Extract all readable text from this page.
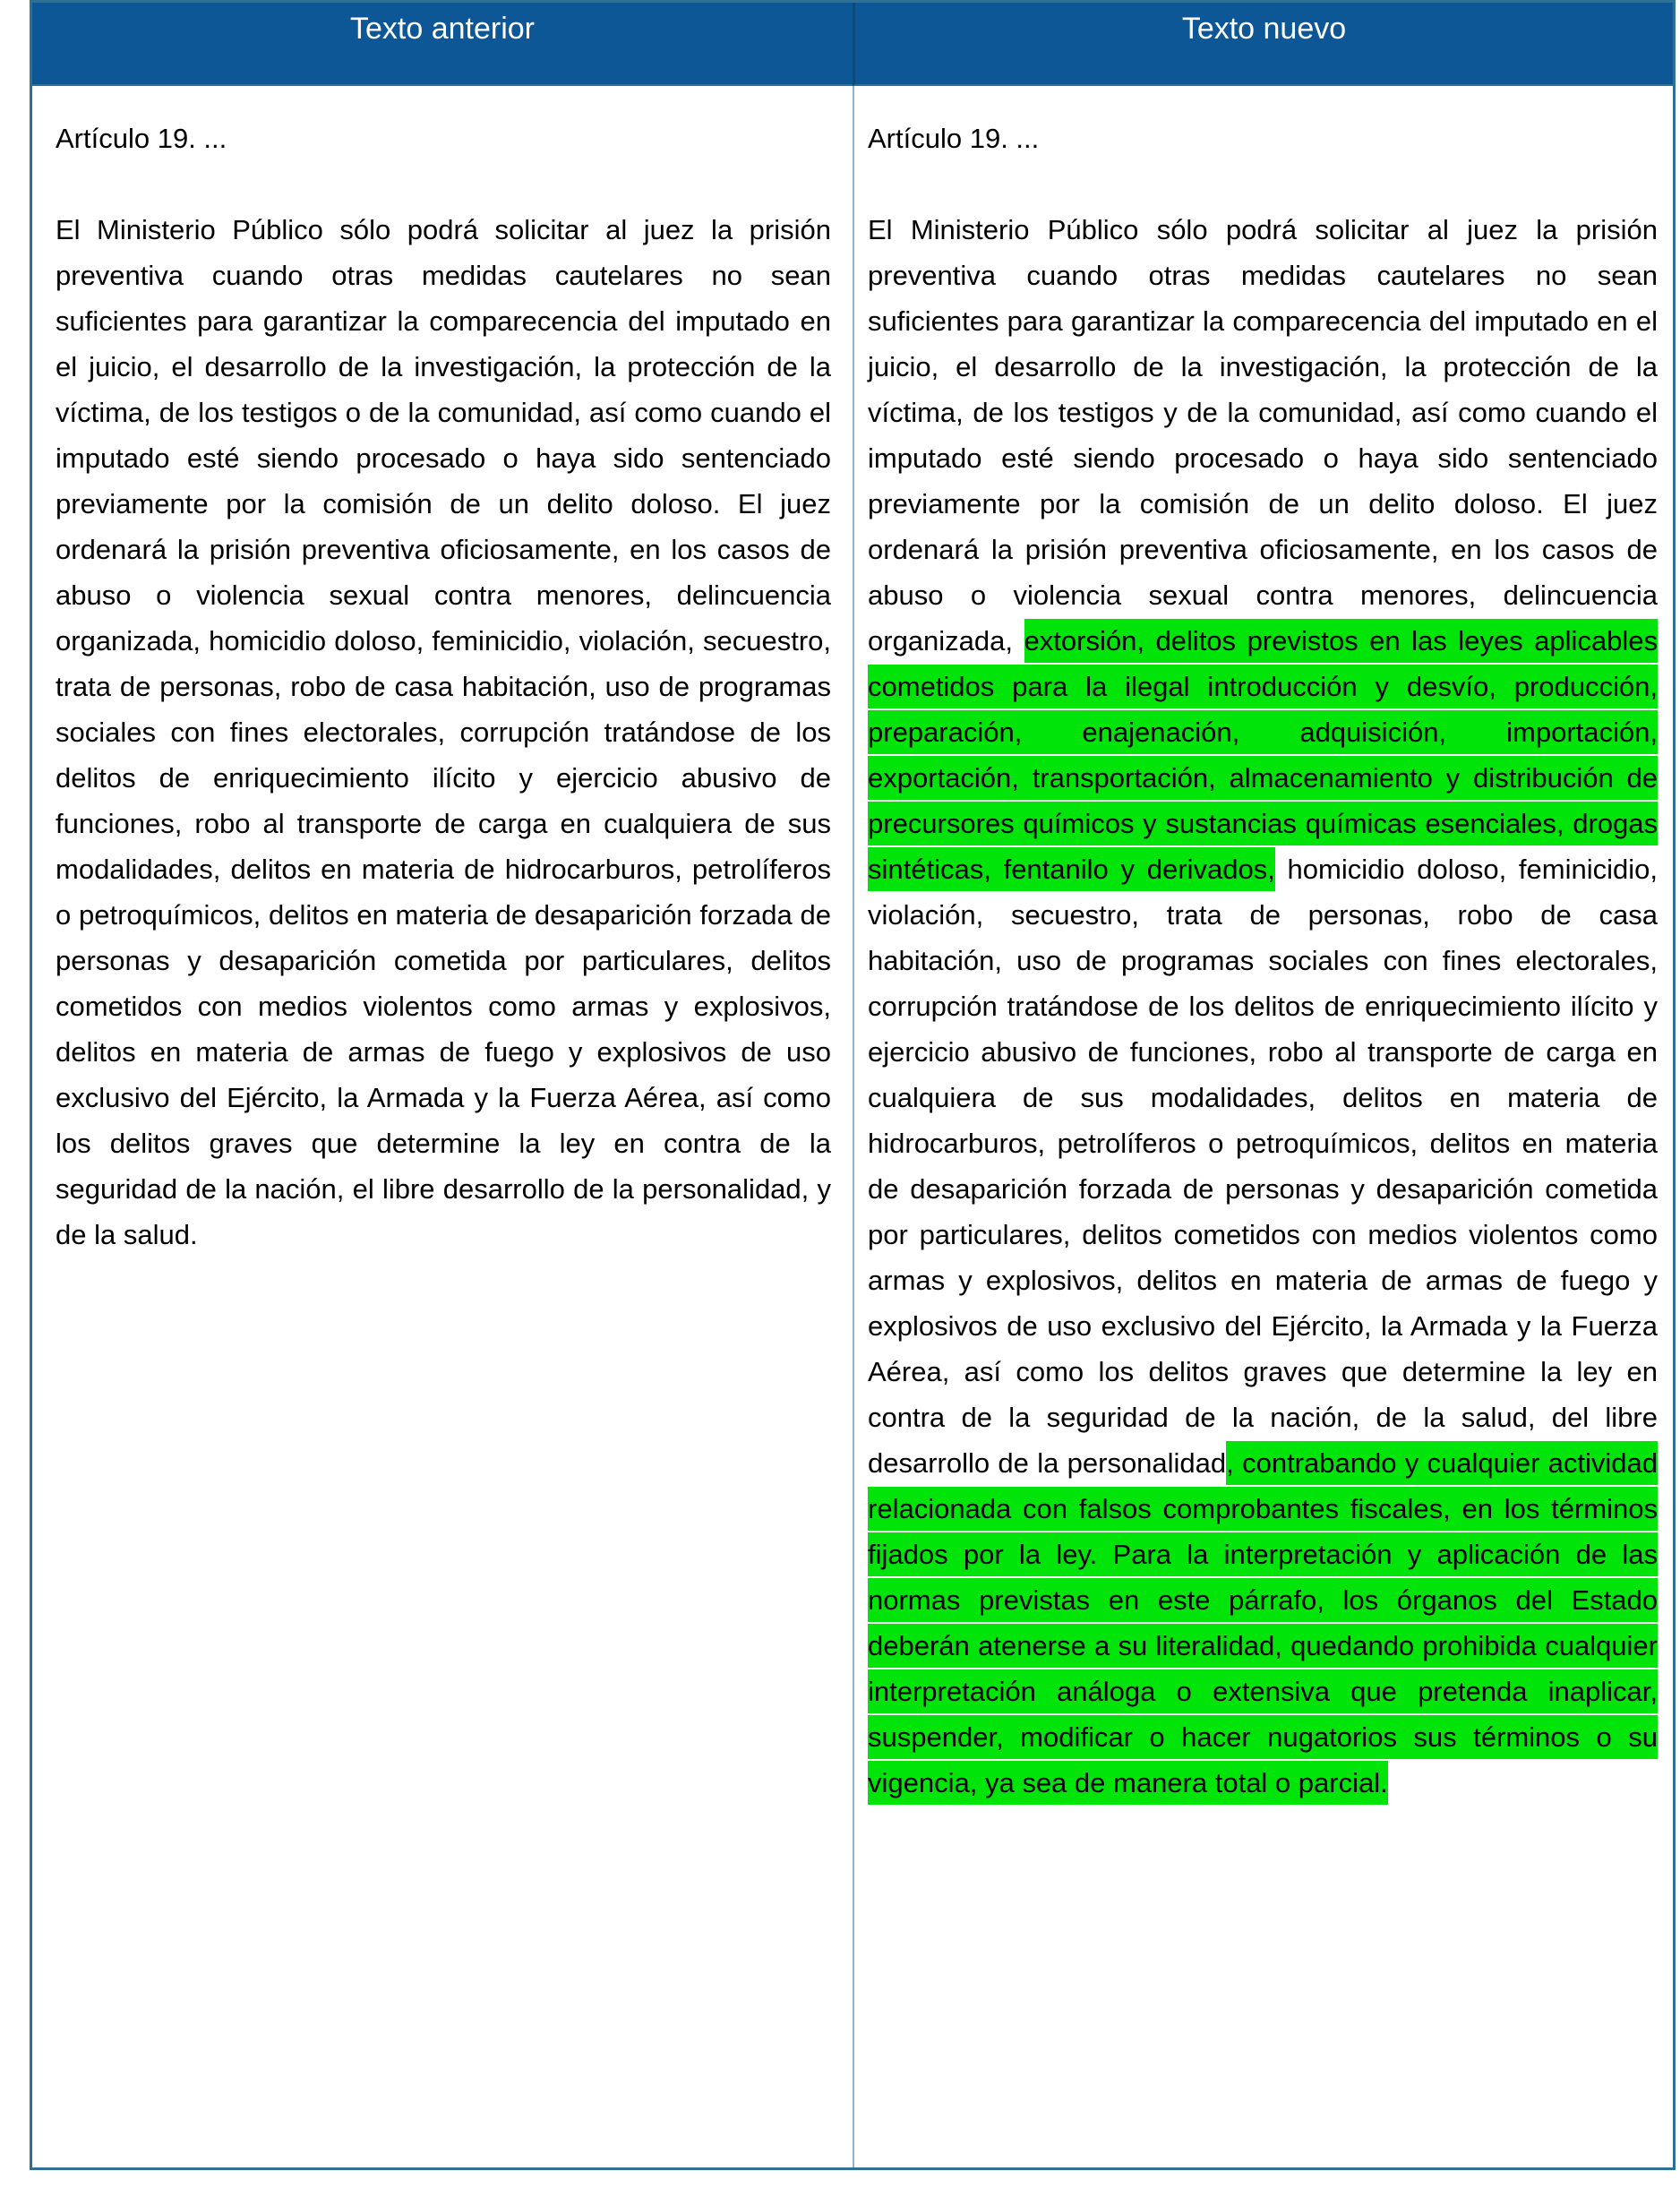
Texto anterior	Texto nuevo

Artículo 19. ...

El Ministerio Público sólo podrá solicitar al juez la prisión preventiva cuando otras medidas cautelares no sean suficientes para garantizar la comparecencia del imputado en el juicio, el desarrollo de la investigación, la protección de la víctima, de los testigos o de la comunidad, así como cuando el imputado esté siendo procesado o haya sido sentenciado previamente por la comisión de un delito doloso. El juez ordenará la prisión preventiva oficiosamente, en los casos de abuso o violencia sexual contra menores, delincuencia organizada, homicidio doloso, feminicidio, violación, secuestro, trata de personas, robo de casa habitación, uso de programas sociales con fines electorales, corrupción tratándose de los delitos de enriquecimiento ilícito y ejercicio abusivo de funciones, robo al transporte de carga en cualquiera de sus modalidades, delitos en materia de hidrocarburos, petrolíferos o petroquímicos, delitos en materia de desaparición forzada de personas y desaparición cometida por particulares, delitos cometidos con medios violentos como armas y explosivos, delitos en materia de armas de fuego y explosivos de uso exclusivo del Ejército, la Armada y la Fuerza Aérea, así como los delitos graves que determine la ley en contra de la seguridad de la nación, el libre desarrollo de la personalidad, y de la salud.

Artículo 19. ...

El Ministerio Público sólo podrá solicitar al juez la prisión preventiva cuando otras medidas cautelares no sean suficientes para garantizar la comparecencia del imputado en el juicio, el desarrollo de la investigación, la protección de la víctima, de los testigos y de la comunidad, así como cuando el imputado esté siendo procesado o haya sido sentenciado previamente por la comisión de un delito doloso. El juez ordenará la prisión preventiva oficiosamente, en los casos de abuso o violencia sexual contra menores, delincuencia organizada, extorsión, delitos previstos en las leyes aplicables cometidos para la ilegal introducción y desvío, producción, preparación, enajenación, adquisición, importación, exportación, transportación, almacenamiento y distribución de precursores químicos y sustancias químicas esenciales, drogas sintéticas, fentanilo y derivados, homicidio doloso, feminicidio, violación, secuestro, trata de personas, robo de casa habitación, uso de programas sociales con fines electorales, corrupción tratándose de los delitos de enriquecimiento ilícito y ejercicio abusivo de funciones, robo al transporte de carga en cualquiera de sus modalidades, delitos en materia de hidrocarburos, petrolíferos o petroquímicos, delitos en materia de desaparición forzada de personas y desaparición cometida por particulares, delitos cometidos con medios violentos como armas y explosivos, delitos en materia de armas de fuego y explosivos de uso exclusivo del Ejército, la Armada y la Fuerza Aérea, así como los delitos graves que determine la ley en contra de la seguridad de la nación, de la salud, del libre desarrollo de la personalidad, contrabando y cualquier actividad relacionada con falsos comprobantes fiscales, en los términos fijados por la ley. Para la interpretación y aplicación de las normas previstas en este párrafo, los órganos del Estado deberán atenerse a su literalidad, quedando prohibida cualquier interpretación análoga o extensiva que pretenda inaplicar, suspender, modificar o hacer nugatorios sus términos o su vigencia, ya sea de manera total o parcial.
